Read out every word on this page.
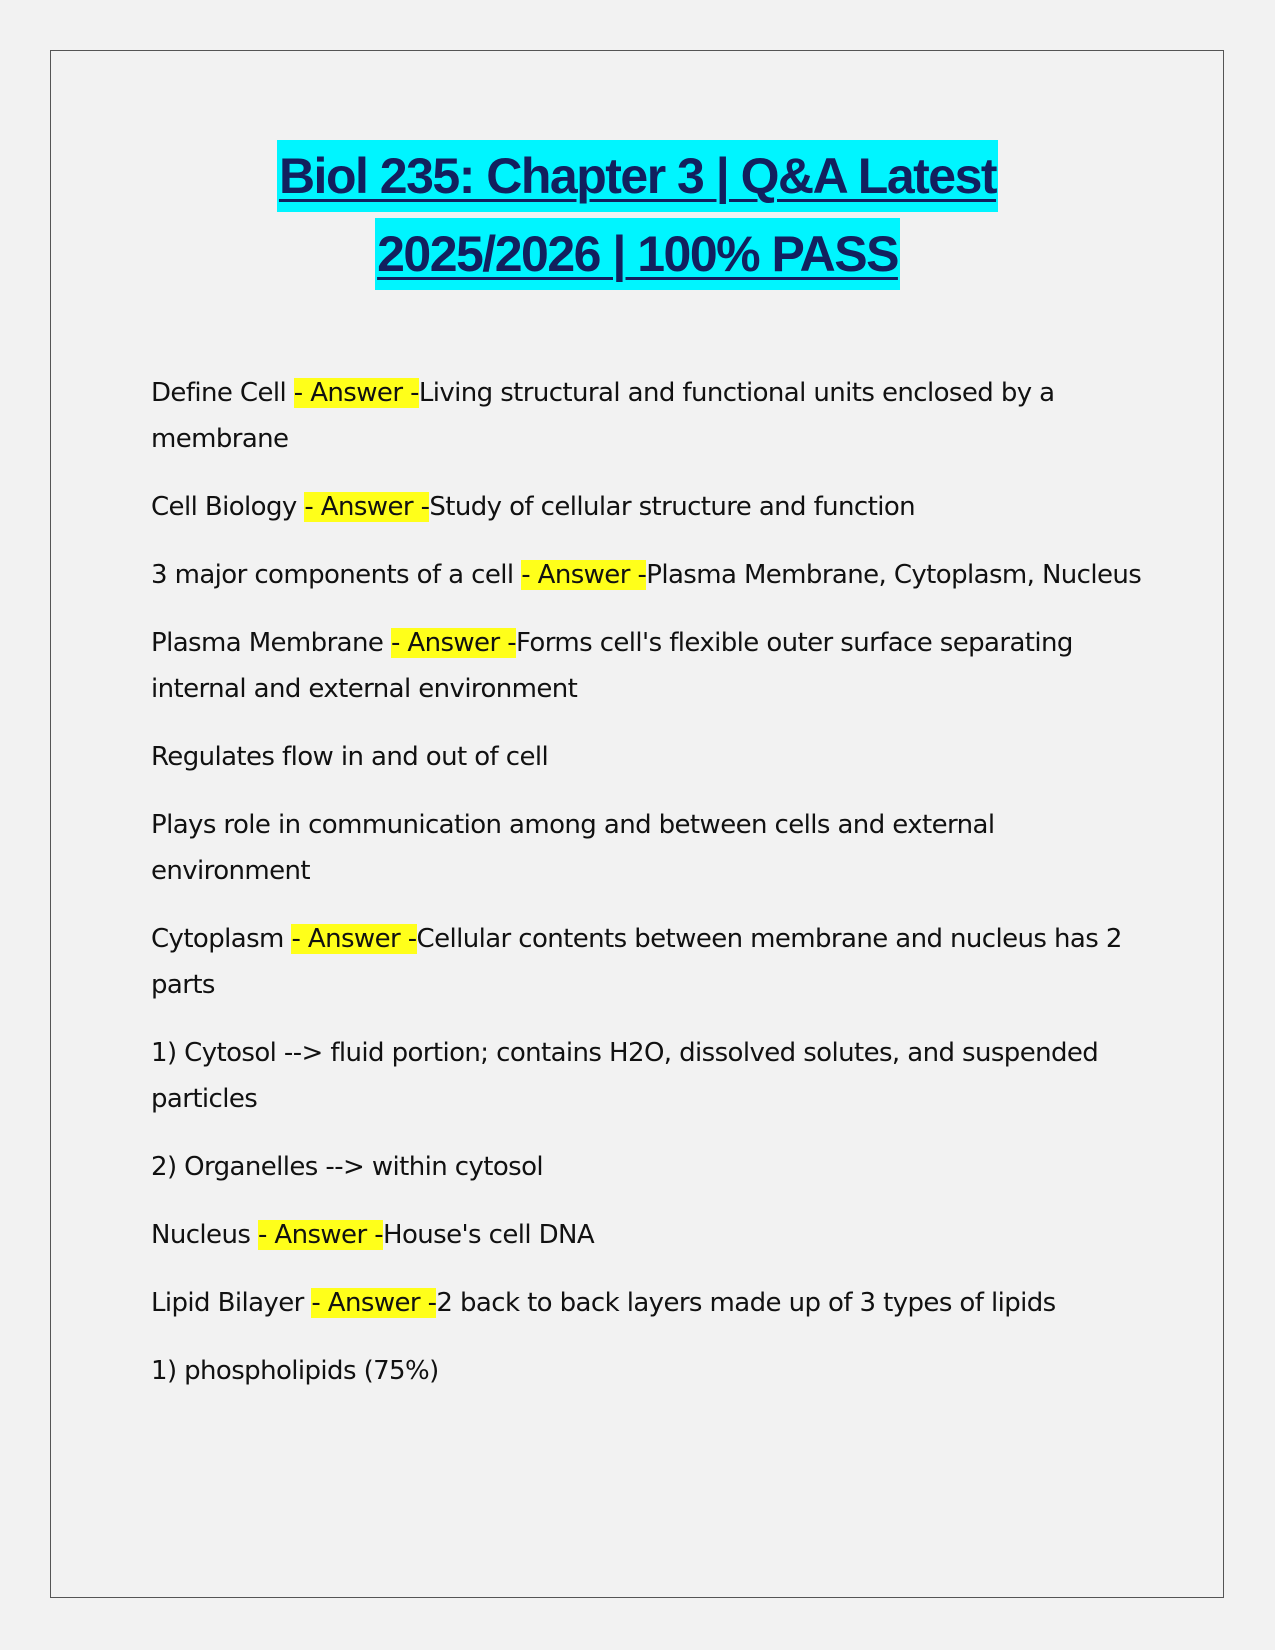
Biol 235: Chapter 3 | Q&A Latest
2025/2026 | 100% PASS

Define Cell - Answer -Living structural and functional units enclosed by a membrane

Cell Biology - Answer -Study of cellular structure and function

3 major components of a cell - Answer -Plasma Membrane, Cytoplasm, Nucleus

Plasma Membrane - Answer -Forms cell's flexible outer surface separating internal and external environment

Regulates flow in and out of cell

Plays role in communication among and between cells and external environment

Cytoplasm - Answer -Cellular contents between membrane and nucleus has 2 parts

1) Cytosol --> fluid portion; contains H2O, dissolved solutes, and suspended particles

2) Organelles --> within cytosol

Nucleus - Answer -House's cell DNA

Lipid Bilayer - Answer -2 back to back layers made up of 3 types of lipids

1) phospholipids (75%)
